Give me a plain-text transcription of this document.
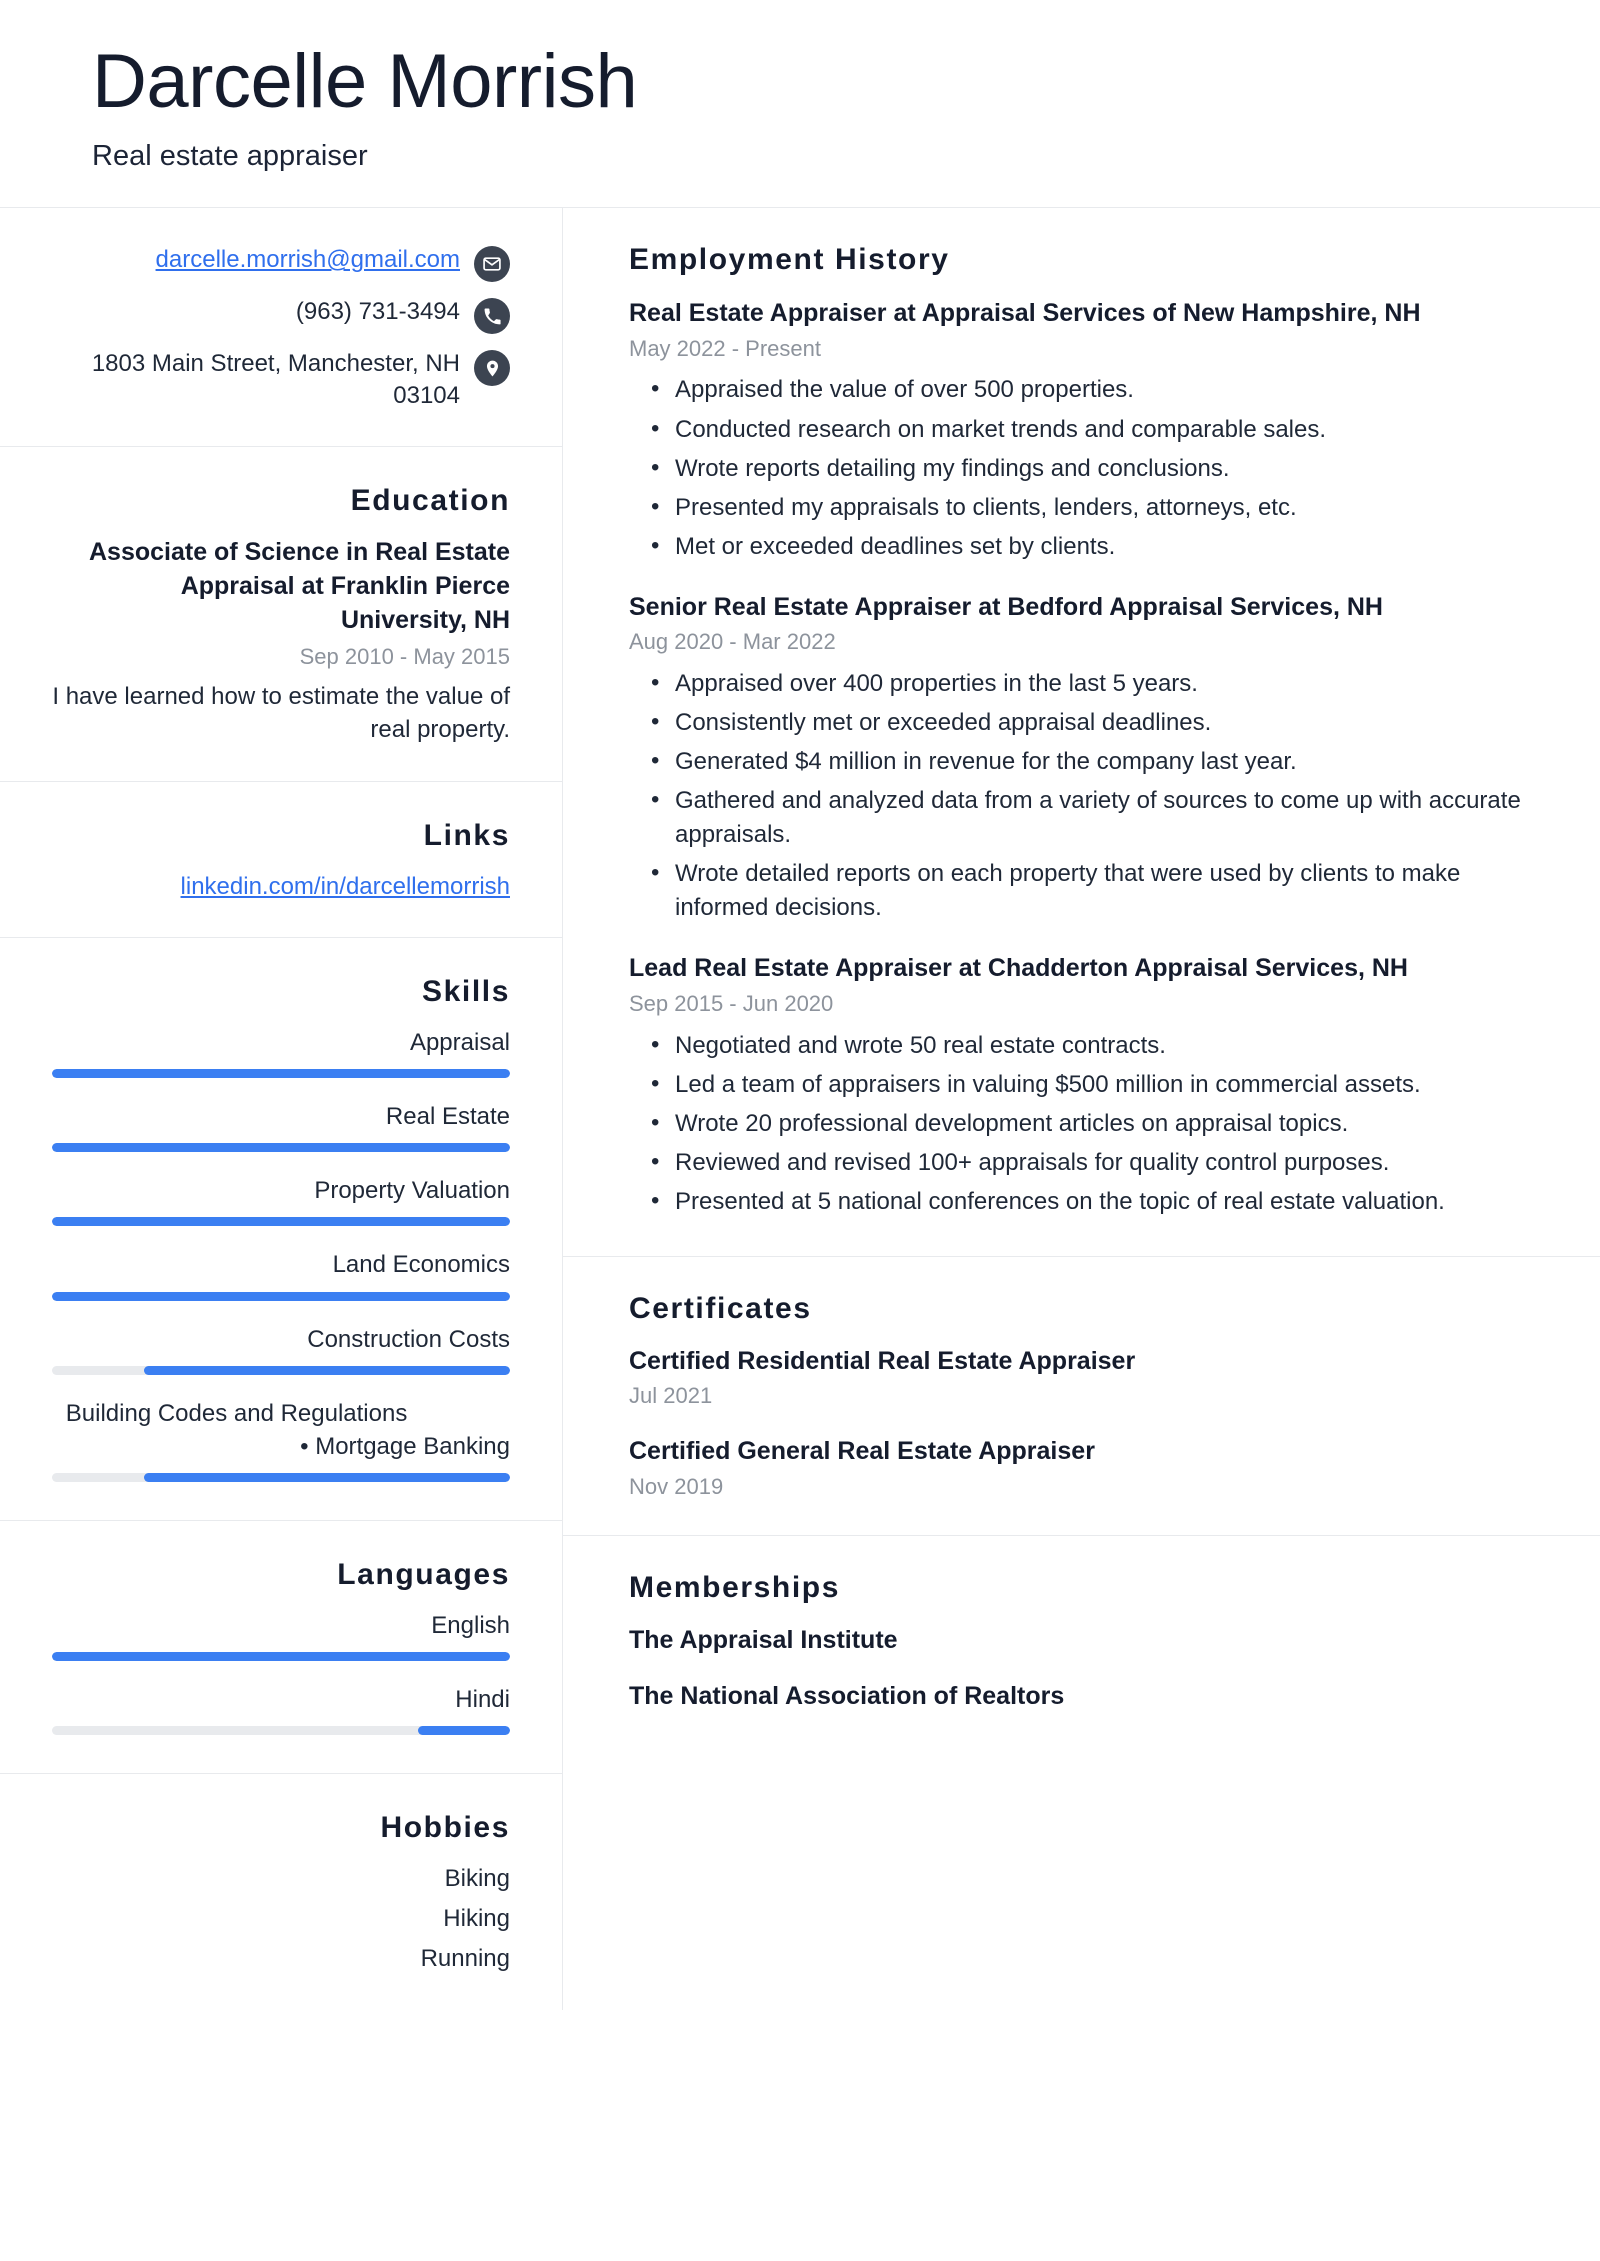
Darcelle Morrish
Real estate appraiser
darcelle.morrish@gmail.com
(963) 731-3494
1803 Main Street, Manchester, NH 03104
Education
Associate of Science in Real Estate Appraisal at Franklin Pierce University, NH
Sep 2010 - May 2015
I have learned how to estimate the value of real property.
Links
linkedin.com/in/darcellemorrish
Skills
Appraisal
Real Estate
Property Valuation
Land Economics
Construction Costs
Building Codes and Regulations      • Mortgage Banking
Languages
English
Hindi
Hobbies
Biking
Hiking
Running
Employment History
Real Estate Appraiser at Appraisal Services of New Hampshire, NH
May 2022 - Present
• Appraised the value of over 500 properties.
• Conducted research on market trends and comparable sales.
• Wrote reports detailing my findings and conclusions.
• Presented my appraisals to clients, lenders, attorneys, etc.
• Met or exceeded deadlines set by clients.
Senior Real Estate Appraiser at Bedford Appraisal Services, NH
Aug 2020 - Mar 2022
• Appraised over 400 properties in the last 5 years.
• Consistently met or exceeded appraisal deadlines.
• Generated $4 million in revenue for the company last year.
• Gathered and analyzed data from a variety of sources to come up with accurate appraisals.
• Wrote detailed reports on each property that were used by clients to make informed decisions.
Lead Real Estate Appraiser at Chadderton Appraisal Services, NH
Sep 2015 - Jun 2020
• Negotiated and wrote 50 real estate contracts.
• Led a team of appraisers in valuing $500 million in commercial assets.
• Wrote 20 professional development articles on appraisal topics.
• Reviewed and revised 100+ appraisals for quality control purposes.
• Presented at 5 national conferences on the topic of real estate valuation.
Certificates
Certified Residential Real Estate Appraiser
Jul 2021
Certified General Real Estate Appraiser
Nov 2019
Memberships
The Appraisal Institute
The National Association of Realtors
